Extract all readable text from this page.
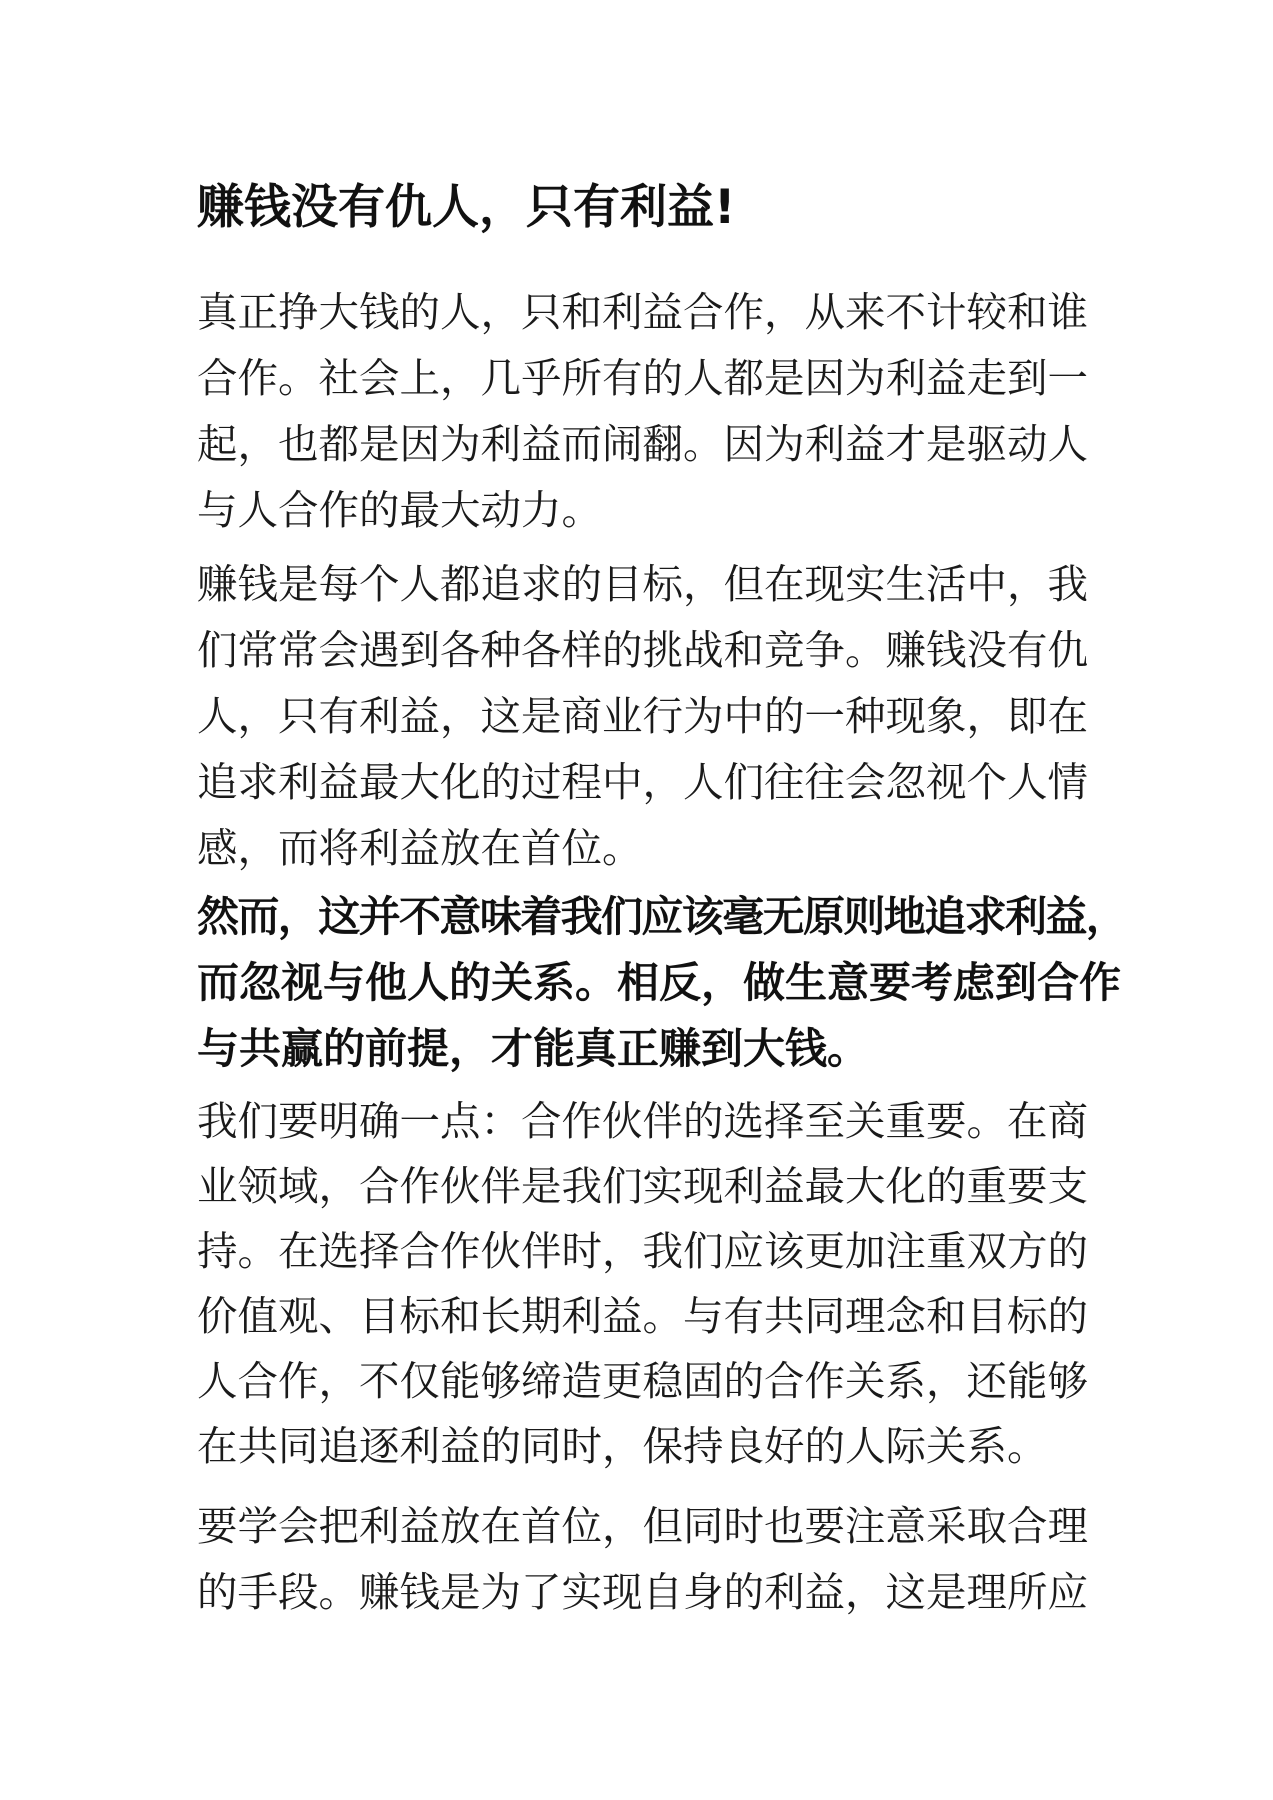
赚钱没有仇人，只有利益!

真正挣大钱的人，只和利益合作，从来不计较和谁
合作。社会上，几乎所有的人都是因为利益走到一
起，也都是因为利益而闹翻。因为利益才是驱动人
与人合作的最大动力。

赚钱是每个人都追求的目标，但在现实生活中，我
们常常会遇到各种各样的挑战和竞争。赚钱没有仇
人，只有利益，这是商业行为中的一种现象，即在
追求利益最大化的过程中，人们往往会忽视个人情
感，而将利益放在首位。

然而，这并不意味着我们应该毫无原则地追求利益，
而忽视与他人的关系。相反，做生意要考虑到合作
与共赢的前提，才能真正赚到大钱。

我们要明确一点：合作伙伴的选择至关重要。在商
业领域，合作伙伴是我们实现利益最大化的重要支
持。在选择合作伙伴时，我们应该更加注重双方的
价值观、目标和长期利益。与有共同理念和目标的
人合作，不仅能够缔造更稳固的合作关系，还能够
在共同追逐利益的同时，保持良好的人际关系。

要学会把利益放在首位，但同时也要注意采取合理
的手段。赚钱是为了实现自身的利益，这是理所应
